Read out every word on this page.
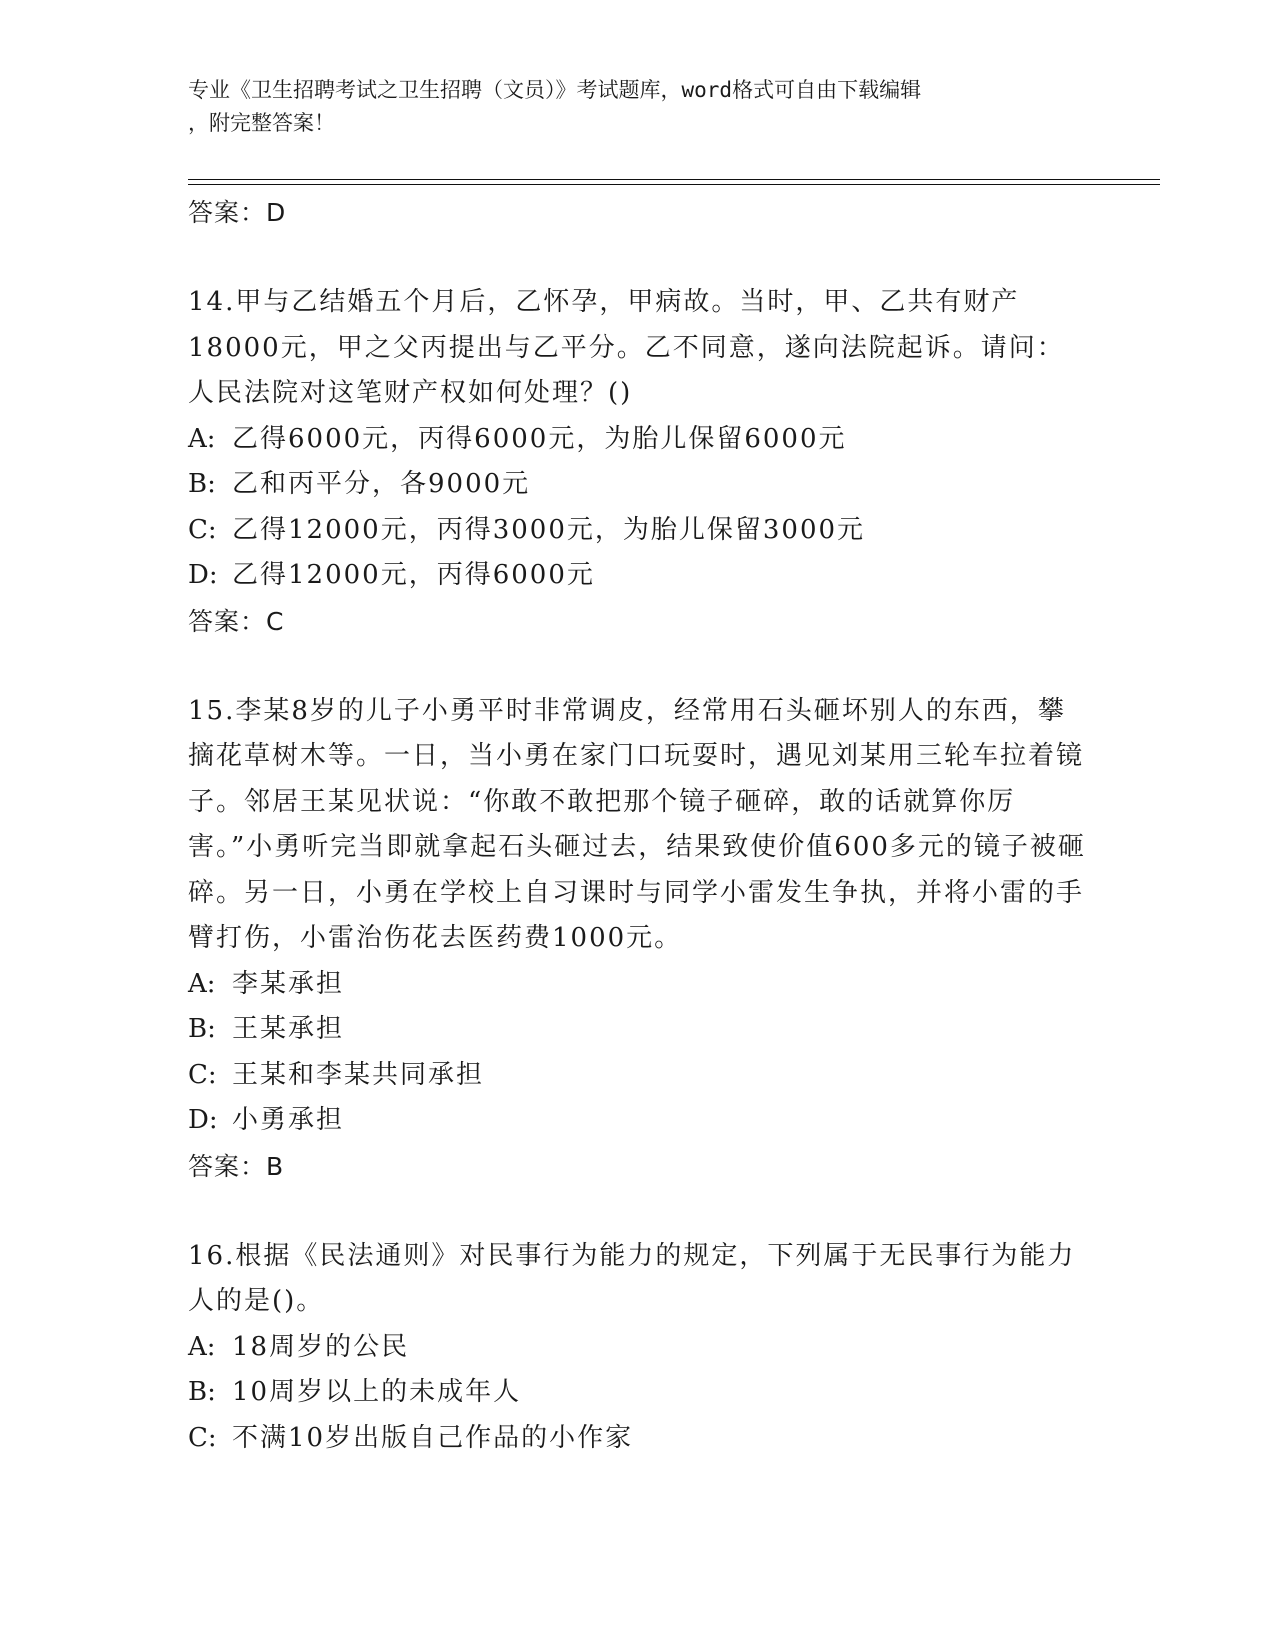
专业《卫生招聘考试之卫生招聘（文员）》考试题库，word格式可自由下载编辑
，附完整答案！
答案：D
14.甲与乙结婚五个月后，乙怀孕，甲病故。当时，甲、乙共有财产18000元，甲之父丙提出与乙平分。乙不同意，遂向法院起诉。请问：人民法院对这笔财产权如何处理？()
A: 乙得6000元，丙得6000元，为胎儿保留6000元
B: 乙和丙平分，各9000元
C: 乙得12000元，丙得3000元，为胎儿保留3000元
D: 乙得12000元，丙得6000元
答案：C
15.李某8岁的儿子小勇平时非常调皮，经常用石头砸坏别人的东西，攀摘花草树木等。一日，当小勇在家门口玩耍时，遇见刘某用三轮车拉着镜子。邻居王某见状说：“你敢不敢把那个镜子砸碎，敢的话就算你厉害。”小勇听完当即就拿起石头砸过去，结果致使价值600多元的镜子被砸碎。另一日，小勇在学校上自习课时与同学小雷发生争执，并将小雷的手臂打伤，小雷治伤花去医药费1000元。
A: 李某承担
B: 王某承担
C: 王某和李某共同承担
D: 小勇承担
答案：B
16.根据《民法通则》对民事行为能力的规定，下列属于无民事行为能力人的是()。
A: 18周岁的公民
B: 10周岁以上的未成年人
C: 不满10岁出版自己作品的小作家
